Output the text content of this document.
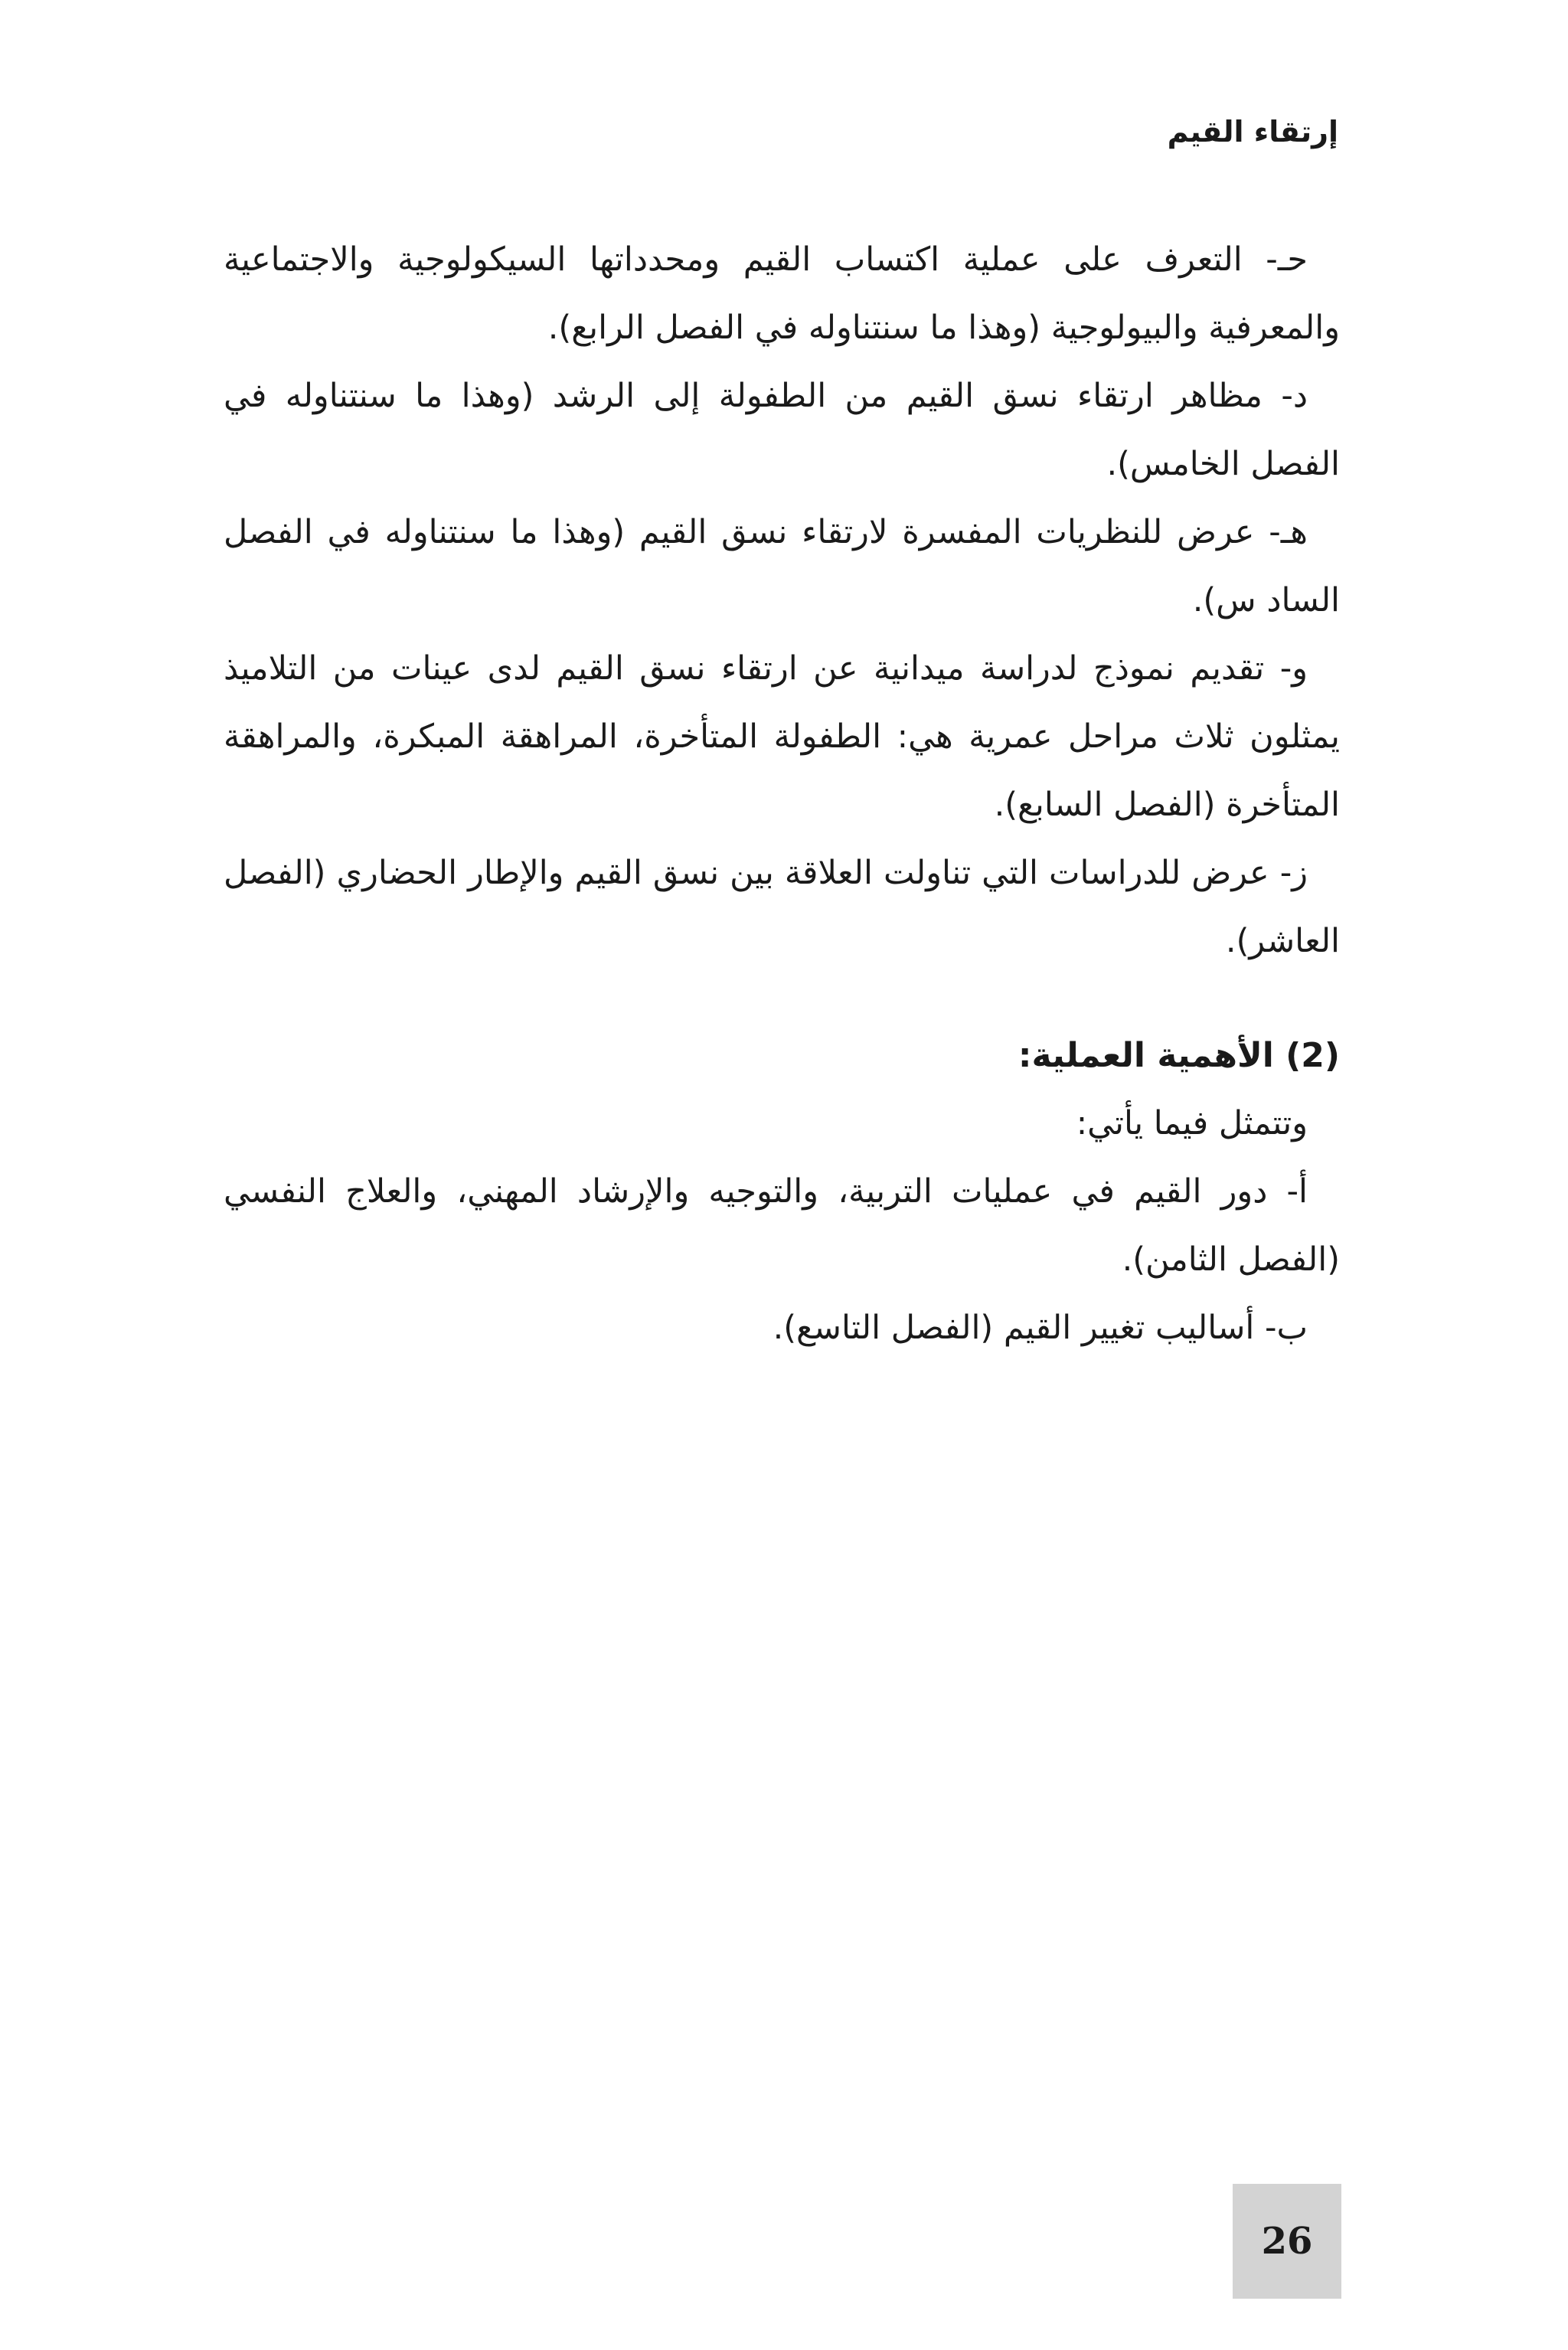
إرتقاء القيم

حـ- التعرف على عملية اكتساب القيم ومحدداتها السيكولوجية والاجتماعية والمعرفية والبيولوجية (وهذا ما سنتناوله في الفصل الرابع).

د- مظاهر ارتقاء نسق القيم من الطفولة إلى الرشد (وهذا ما سنتناوله في الفصل الخامس).

هـ- عرض للنظريات المفسرة لارتقاء نسق القيم (وهذا ما سنتناوله في الفصل الساد س).

و- تقديم نموذج لدراسة ميدانية عن ارتقاء نسق القيم لدى عينات من التلاميذ يمثلون ثلاث مراحل عمرية هي: الطفولة المتأخرة، المراهقة المبكرة، والمراهقة المتأخرة (الفصل السابع).

ز- عرض للدراسات التي تناولت العلاقة بين نسق القيم والإطار الحضاري (الفصل العاشر).

(2) الأهمية العملية:

وتتمثل فيما يأتي:

أ- دور القيم في عمليات التربية، والتوجيه والإرشاد المهني، والعلاج النفسي (الفصل الثامن).

ب- أساليب تغيير القيم (الفصل التاسع).

26
